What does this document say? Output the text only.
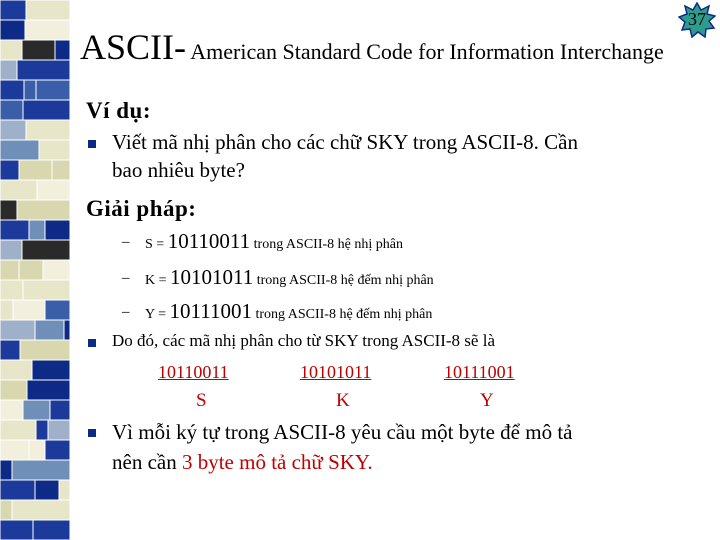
37
ASCII- American Standard Code for Information Interchange
Ví dụ:
Viết mã nhị phân cho các chữ SKY trong ASCII-8. Cần
bao nhiêu byte?
Giải pháp:
– S = 10110011 trong ASCII-8 hệ nhị phân
– K = 10101011 trong ASCII-8 hệ đếm nhị phân
– Y = 10111001 trong ASCII-8 hệ đếm nhị phân
Do đó, các mã nhị phân cho từ SKY trong ASCII-8 sẽ là
10110011	10101011	10111001
S	K	Y
Vì mỗi ký tự trong ASCII-8 yêu cầu một byte để mô tả
nên cần 3 byte mô tả chữ SKY.
